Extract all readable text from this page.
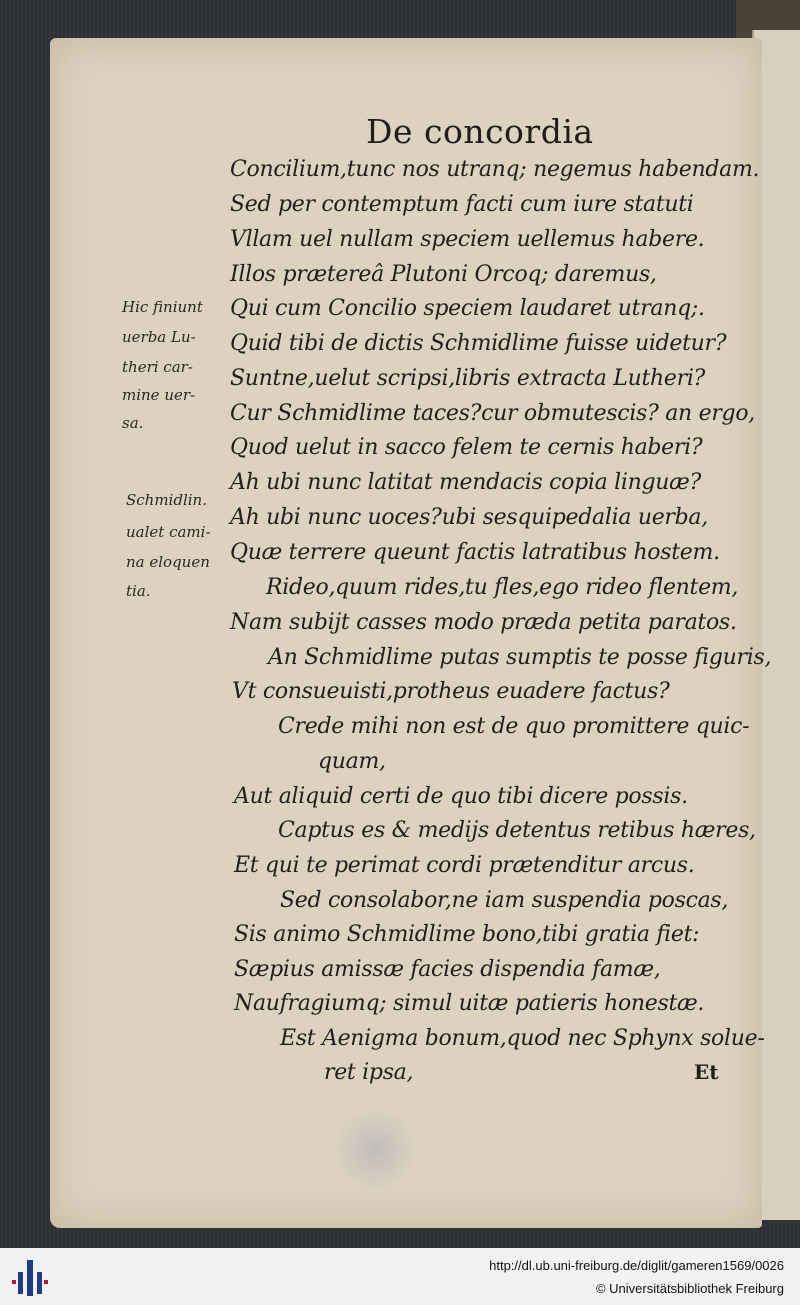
De concordia
Concilium,tunc nos utranq; negemus habendam.
Sed per contemptum facti cum iure statuti
Vllam uel nullam speciem uellemus habere.
Illos prætereâ Plutoni Orcoq; daremus,
Qui cum Concilio speciem laudaret utranq;.
Quid tibi de dictis Schmidlime fuisse uidetur?
Suntne,uelut scripsi,libris extracta Lutheri?
Cur Schmidlime taces?cur obmutescis? an ergo,
Quod uelut in sacco felem te cernis haberi?
Ah ubi nunc latitat mendacis copia linguæ?
Ah ubi nunc uoces?ubi sesquipedalia uerba,
Quæ terrere queunt factis latratibus hostem.
Rideo,quum rides,tu fles,ego rideo flentem,
Nam subijt casses modo præda petita paratos.
An Schmidlime putas sumptis te posse figuris,
Vt consueuisti,protheus euadere factus?
Crede mihi non est de quo promittere quic-
quam,
Aut aliquid certi de quo tibi dicere possis.
Captus es & medijs detentus retibus hæres,
Et qui te perimat cordi prætenditur arcus.
Sed consolabor,ne iam suspendia poscas,
Sis animo Schmidlime bono,tibi gratia fiet:
Sæpius amissæ facies dispendia famæ,
Naufragiumq; simul uitæ patieris honestæ.
Est Aenigma bonum,quod nec Sphynx solue-
ret ipsa,	Et
Hic finiunt
uerba Lu-
theri car-
mine uer-
sa.
Schmidlin.
ualet cami-
na eloquen
tia.
http://dl.ub.uni-freiburg.de/diglit/gameren1569/0026
© Universitätsbibliothek Freiburg
